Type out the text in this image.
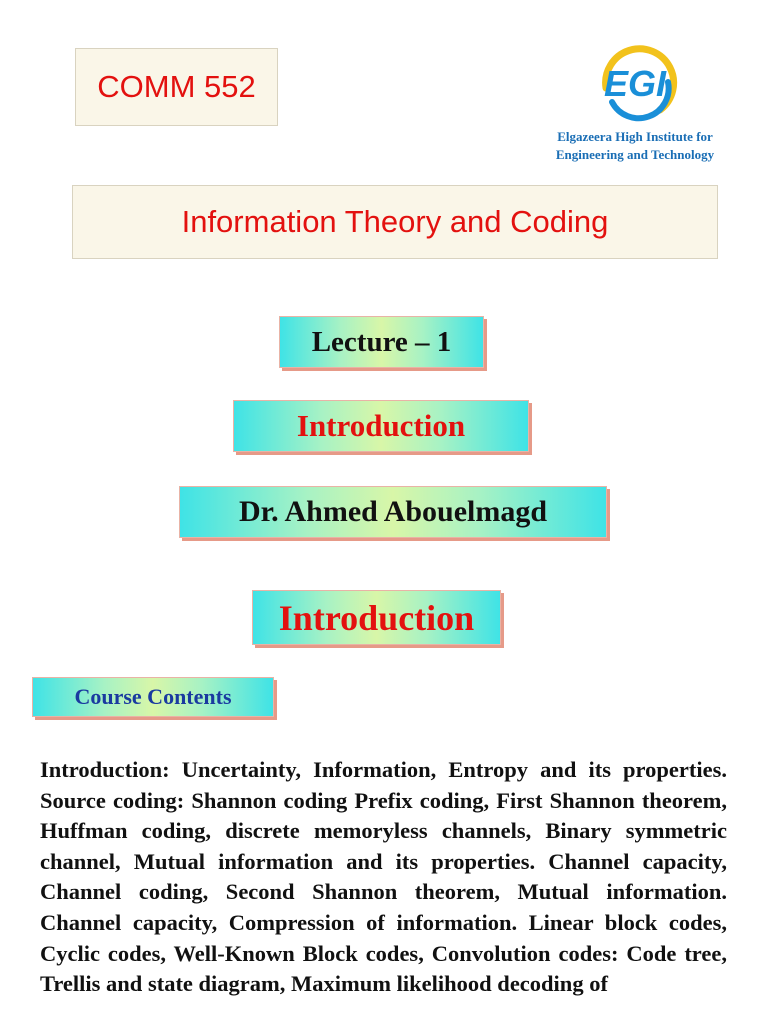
COMM 552	EGI
Elgazeera High Institute for
Engineering and Technology
Information Theory and Coding
Lecture – 1
Introduction
Dr. Ahmed Abouelmagd
Introduction
Course Contents

Introduction: Uncertainty, Information, Entropy and its properties. Source coding: Shannon coding Prefix coding, First Shannon theorem, Huffman coding, discrete memoryless channels, Binary symmetric channel, Mutual information and its properties. Channel capacity, Channel coding, Second Shannon theorem, Mutual information. Channel capacity, Compression of information. Linear block codes, Cyclic codes, Well-Known Block codes, Convolution codes: Code tree, Trellis and state diagram, Maximum likelihood decoding of
